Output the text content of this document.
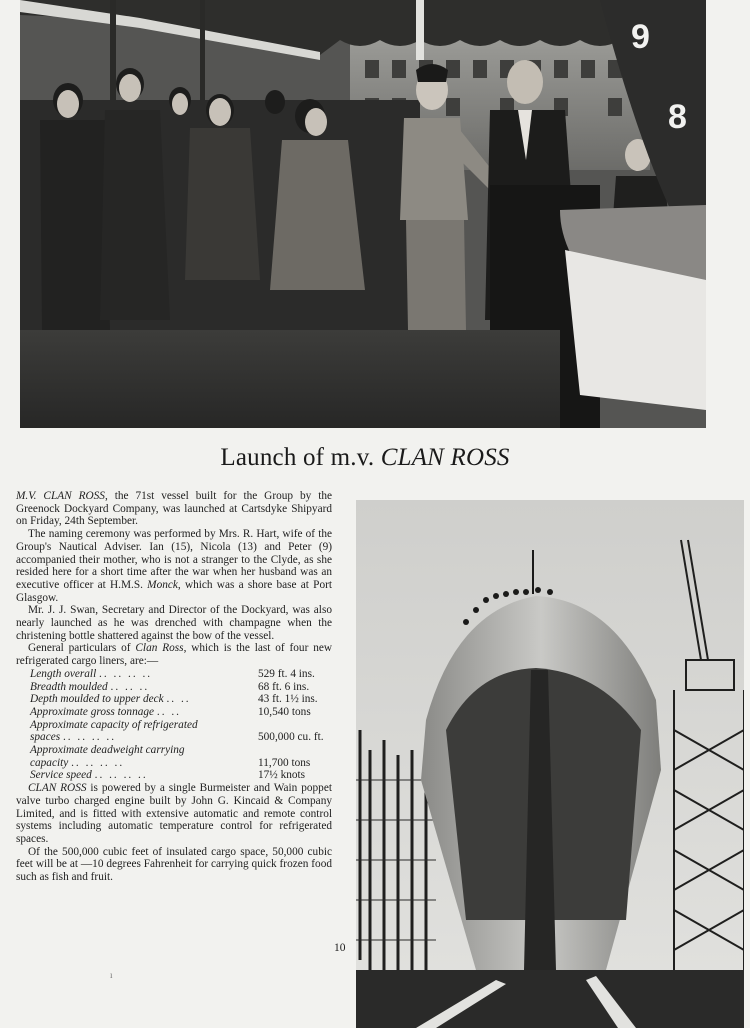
9
8
Launch of m.v. CLAN ROSS

M.V. CLAN ROSS, the 71st vessel built for the Group by the Greenock Dockyard Company, was launched at Cartsdyke Shipyard on Friday, 24th September.

The naming ceremony was performed by Mrs. R. Hart, wife of the Group's Nautical Adviser. Ian (15), Nicola (13) and Peter (9) accompanied their mother, who is not a stranger to the Clyde, as she resided here for a short time after the war when her husband was an executive officer at H.M.S. Monck, which was a shore base at Port Glasgow.

Mr. J. J. Swan, Secretary and Director of the Dockyard, was also nearly launched as he was drenched with champagne when the christening bottle shattered against the bow of the vessel.

General particulars of Clan Ross, which is the last of four new refrigerated cargo liners, are:—

Length overall .. .. .. ..	529 ft. 4 ins.
Breadth moulded .. .. ..	68 ft. 6 ins.
Depth moulded to upper deck .. ..	43 ft. 1½ ins.
Approximate gross tonnage .. ..	10,540 tons
Approximate capacity of refrigerated	
spaces .. .. .. ..	500,000 cu. ft.
Approximate deadweight carrying	
capacity .. .. .. ..	11,700 tons
Service speed .. .. .. ..	17½ knots

CLAN ROSS is powered by a single Burmeister and Wain poppet valve turbo charged engine built by John G. Kincaid & Company Limited, and is fitted with extensive automatic and remote control systems including automatic temperature control for refrigerated spaces.

Of the 500,000 cubic feet of insulated cargo space, 50,000 cubic feet will be at —10 degrees Fahrenheit for carrying quick frozen food such as fish and fruit.

10
ı
